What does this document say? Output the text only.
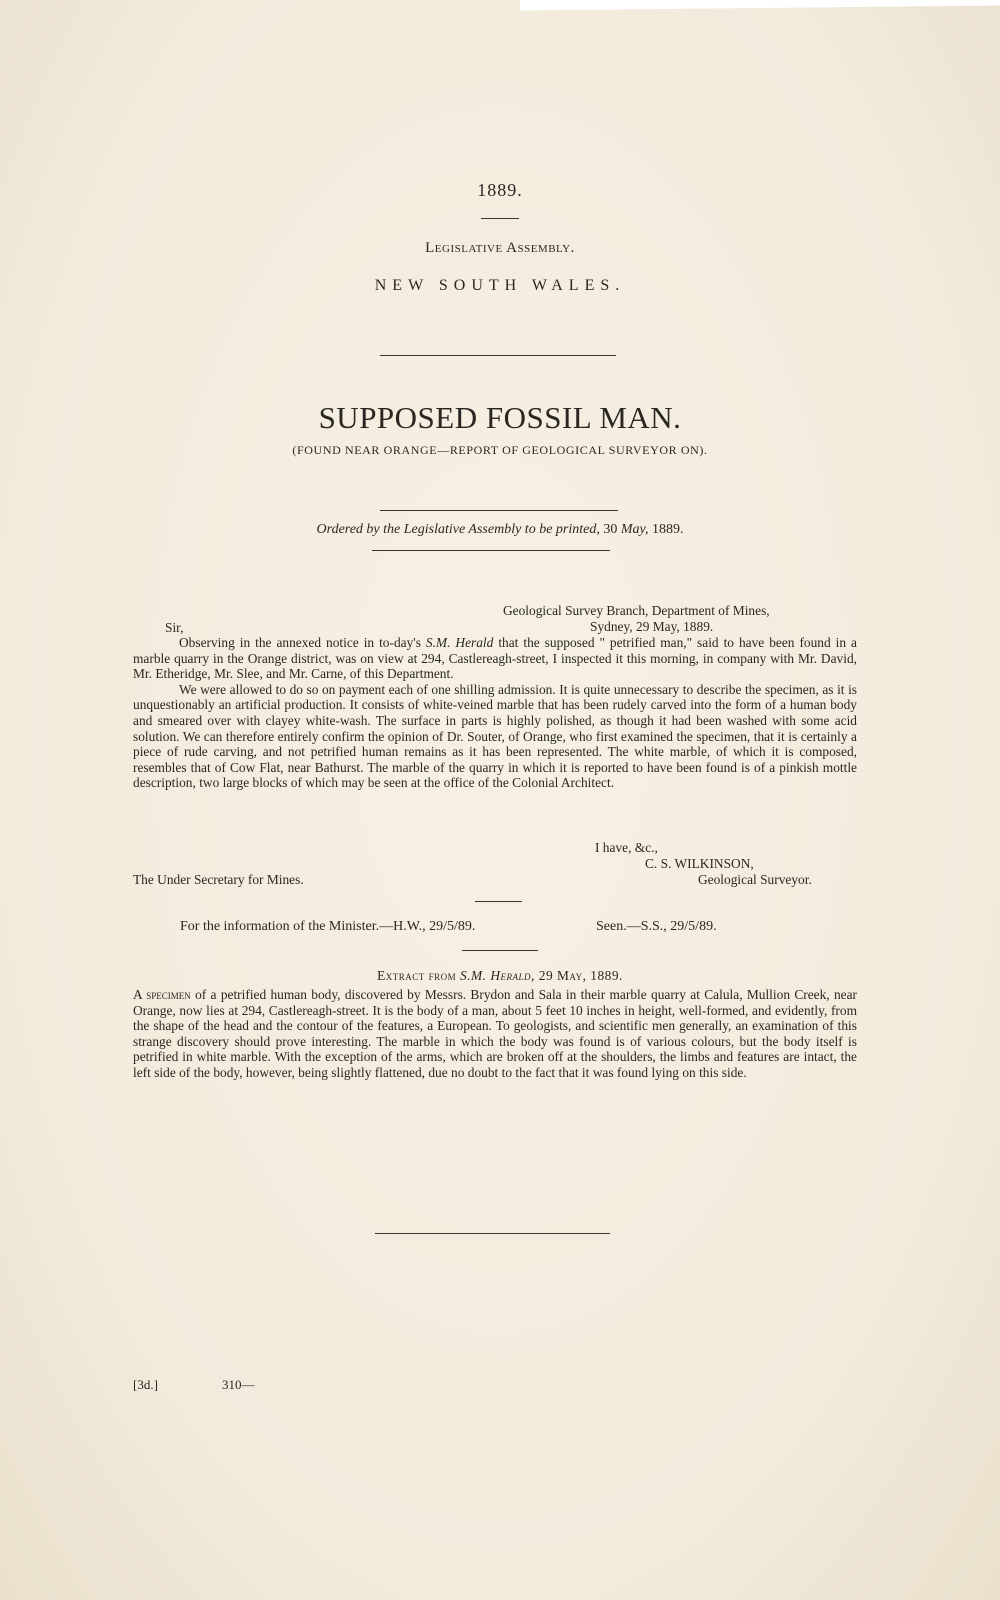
1889.
Legislative Assembly.
NEW SOUTH WALES.
SUPPOSED FOSSIL MAN.
(FOUND NEAR ORANGE—REPORT OF GEOLOGICAL SURVEYOR ON).
Ordered by the Legislative Assembly to be printed, 30 May, 1889.
Geological Survey Branch, Department of Mines,
Sydney, 29 May, 1889.
Sir,

Observing in the annexed notice in to-day's S.M. Herald that the supposed " petrified man," said to have been found in a marble quarry in the Orange district, was on view at 294, Castlereagh-street, I inspected it this morning, in company with Mr. David, Mr. Etheridge, Mr. Slee, and Mr. Carne, of this Department.

We were allowed to do so on payment each of one shilling admission. It is quite unnecessary to describe the specimen, as it is unquestionably an artificial production. It consists of white-veined marble that has been rudely carved into the form of a human body and smeared over with clayey white-wash. The surface in parts is highly polished, as though it had been washed with some acid solution. We can therefore entirely confirm the opinion of Dr. Souter, of Orange, who first examined the specimen, that it is certainly a piece of rude carving, and not petrified human remains as it has been represented. The white marble, of which it is composed, resembles that of Cow Flat, near Bathurst. The marble of the quarry in which it is reported to have been found is of a pinkish mottle description, two large blocks of which may be seen at the office of the Colonial Architect.

I have, &c.,
C. S. WILKINSON,
Geological Surveyor.
The Under Secretary for Mines.
For the information of the Minister.—H.W., 29/5/89.	Seen.—S.S., 29/5/89.
Extract from S.M. Herald, 29 May, 1889.

A specimen of a petrified human body, discovered by Messrs. Brydon and Sala in their marble quarry at Calula, Mullion Creek, near Orange, now lies at 294, Castlereagh-street. It is the body of a man, about 5 feet 10 inches in height, well-formed, and evidently, from the shape of the head and the contour of the features, a European. To geologists, and scientific men generally, an examination of this strange discovery should prove interesting. The marble in which the body was found is of various colours, but the body itself is petrified in white marble. With the exception of the arms, which are broken off at the shoulders, the limbs and features are intact, the left side of the body, however, being slightly flattened, due no doubt to the fact that it was found lying on this side.

[3d.]	310—
